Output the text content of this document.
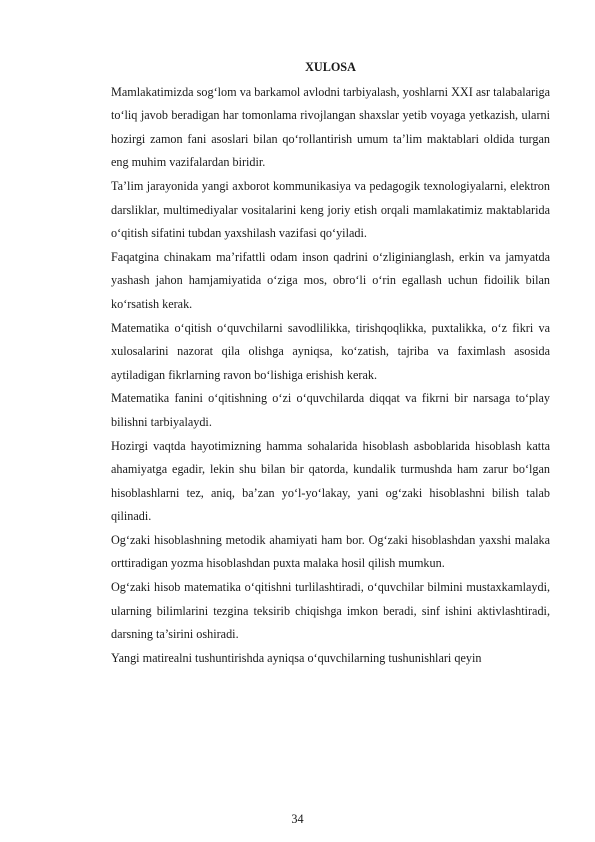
XULOSA

Mamlakatimizda sog‘lom va barkamol avlodni tarbiyalash, yoshlarni XXI asr talabalariga to‘liq javob beradigan har tomonlama rivojlangan shaxslar yetib voyaga yetkazish, ularni hozirgi zamon fani asoslari bilan qo‘rollantirish umum ta’lim maktablari oldida turgan eng muhim vazifalardan biridir.

Ta’lim jarayonida yangi axborot kommunikasiya va pedagogik texnologiyalarni, elektron darsliklar, multimediyalar vositalarini keng joriy etish orqali mamlakatimiz maktablarida o‘qitish sifatini tubdan yaxshilash vazifasi qo‘yiladi.

Faqatgina chinakam ma’rifattli odam inson qadrini o‘zliginianglash, erkin va jamyatda yashash jahon hamjamiyatida o‘ziga mos, obro‘li o‘rin egallash uchun fidoilik bilan ko‘rsatish kerak.

Matematika o‘qitish o‘quvchilarni savodlilikka, tirishqoqlikka, puxtalikka, o‘z fikri va xulosalarini nazorat qila olishga ayniqsa, ko‘zatish, tajriba va faximlash asosida aytiladigan fikrlarning ravon bo‘lishiga erishish kerak.

Matematika fanini o‘qitishning o‘zi o‘quvchilarda diqqat va fikrni bir narsaga to‘play bilishni tarbiyalaydi.

Hozirgi vaqtda hayotimizning hamma sohalarida hisoblash asboblarida hisoblash katta ahamiyatga egadir, lekin shu bilan bir qatorda, kundalik turmushda ham zarur bo‘lgan hisoblashlarni tez, aniq, ba’zan yo‘l-yo‘lakay, yani og‘zaki hisoblashni bilish talab qilinadi.

Og‘zaki hisoblashning metodik ahamiyati ham bor. Og‘zaki hisoblashdan yaxshi malaka orttiradigan yozma hisoblashdan puxta malaka hosil qilish mumkun.

Og‘zaki hisob matematika o‘qitishni turlilashtiradi, o‘quvchilar bilmini mustaxkamlaydi, ularning bilimlarini tezgina teksirib chiqishga imkon beradi, sinf ishini aktivlashtiradi, darsning ta’sirini oshiradi.

Yangi matirealni tushuntirishda ayniqsa o‘quvchilarning tushunishlari qeyin

34
